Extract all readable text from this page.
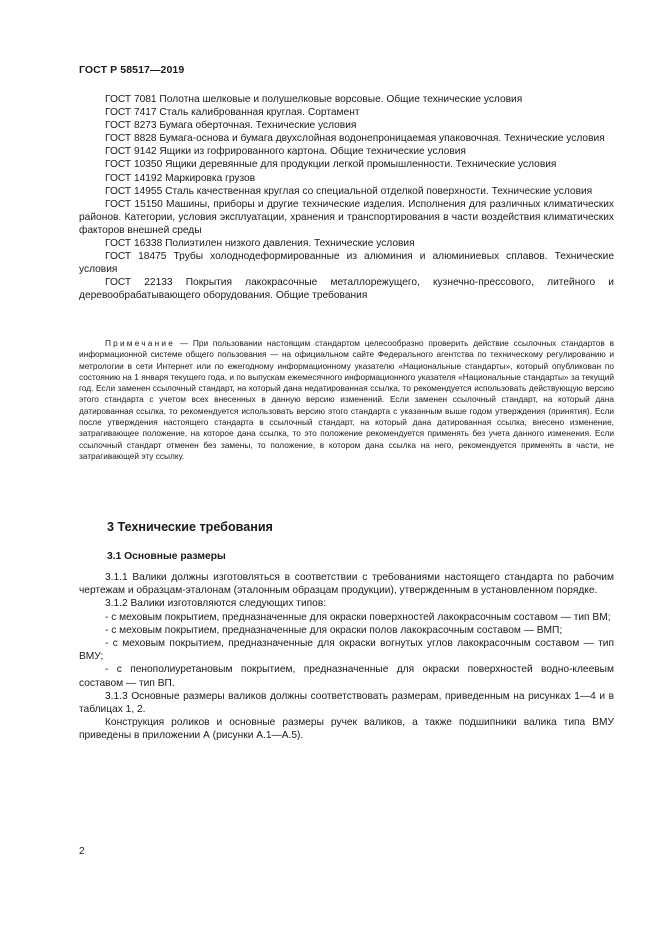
ГОСТ Р 58517—2019

ГОСТ 7081 Полотна шелковые и полушелковые ворсовые. Общие технические условия

ГОСТ 7417 Сталь калиброванная круглая. Сортамент

ГОСТ 8273 Бумага оберточная. Технические условия

ГОСТ 8828 Бумага-основа и бумага двухслойная водонепроницаемая упаковочная. Технические условия

ГОСТ 9142 Ящики из гофрированного картона. Общие технические условия

ГОСТ 10350 Ящики деревянные для продукции легкой промышленности. Технические условия

ГОСТ 14192 Маркировка грузов

ГОСТ 14955 Сталь качественная круглая со специальной отделкой поверхности. Технические условия

ГОСТ 15150 Машины, приборы и другие технические изделия. Исполнения для различных климатических районов. Категории, условия эксплуатации, хранения и транспортирования в части воздействия климатических факторов внешней среды

ГОСТ 16338 Полиэтилен низкого давления. Технические условия

ГОСТ 18475 Трубы холоднодеформированные из алюминия и алюминиевых сплавов. Технические условия

ГОСТ 22133 Покрытия лакокрасочные металлорежущего, кузнечно-прессового, литейного и деревообрабатывающего оборудования. Общие требования

Примечание — При пользовании настоящим стандартом целесообразно проверить действие ссылочных стандартов в информационной системе общего пользования — на официальном сайте Федерального агентства по техническому регулированию и метрологии в сети Интернет или по ежегодному информационному указателю «Национальные стандарты», который опубликован по состоянию на 1 января текущего года, и по выпускам ежемесячного информационного указателя «Национальные стандарты» за текущий год. Если заменен ссылочный стандарт, на который дана недатированная ссылка, то рекомендуется использовать действующую версию этого стандарта с учетом всех внесенных в данную версию изменений. Если заменен ссылочный стандарт, на который дана датированная ссылка, то рекомендуется использовать версию этого стандарта с указанным выше годом утверждения (принятия). Если после утверждения настоящего стандарта в ссылочный стандарт, на который дана датированная ссылка, внесено изменение, затрагивающее положение, на которое дана ссылка, то это положение рекомендуется применять без учета данного изменения. Если ссылочный стандарт отменен без замены, то положение, в котором дана ссылка на него, рекомендуется применять в части, не затрагивающей эту ссылку.

3 Технические требования
3.1 Основные размеры

3.1.1 Валики должны изготовляться в соответствии с требованиями настоящего стандарта по рабочим чертежам и образцам-эталонам (эталонным образцам продукции), утвержденным в установленном порядке.

3.1.2 Валики изготовляются следующих типов:

- с меховым покрытием, предназначенные для окраски поверхностей лакокрасочным составом — тип ВМ;

- с меховым покрытием, предназначенные для окраски полов лакокрасочным составом — ВМП;

- с меховым покрытием, предназначенные для окраски вогнутых углов лакокрасочным составом — тип ВМУ;

- с пенополиуретановым покрытием, предназначенные для окраски поверхностей водно-клеевым составом — тип ВП.

3.1.3 Основные размеры валиков должны соответствовать размерам, приведенным на рисунках 1—4 и в таблицах 1, 2.

Конструкция роликов и основные размеры ручек валиков, а также подшипники валика типа ВМУ приведены в приложении А (рисунки А.1—А.5).

2
